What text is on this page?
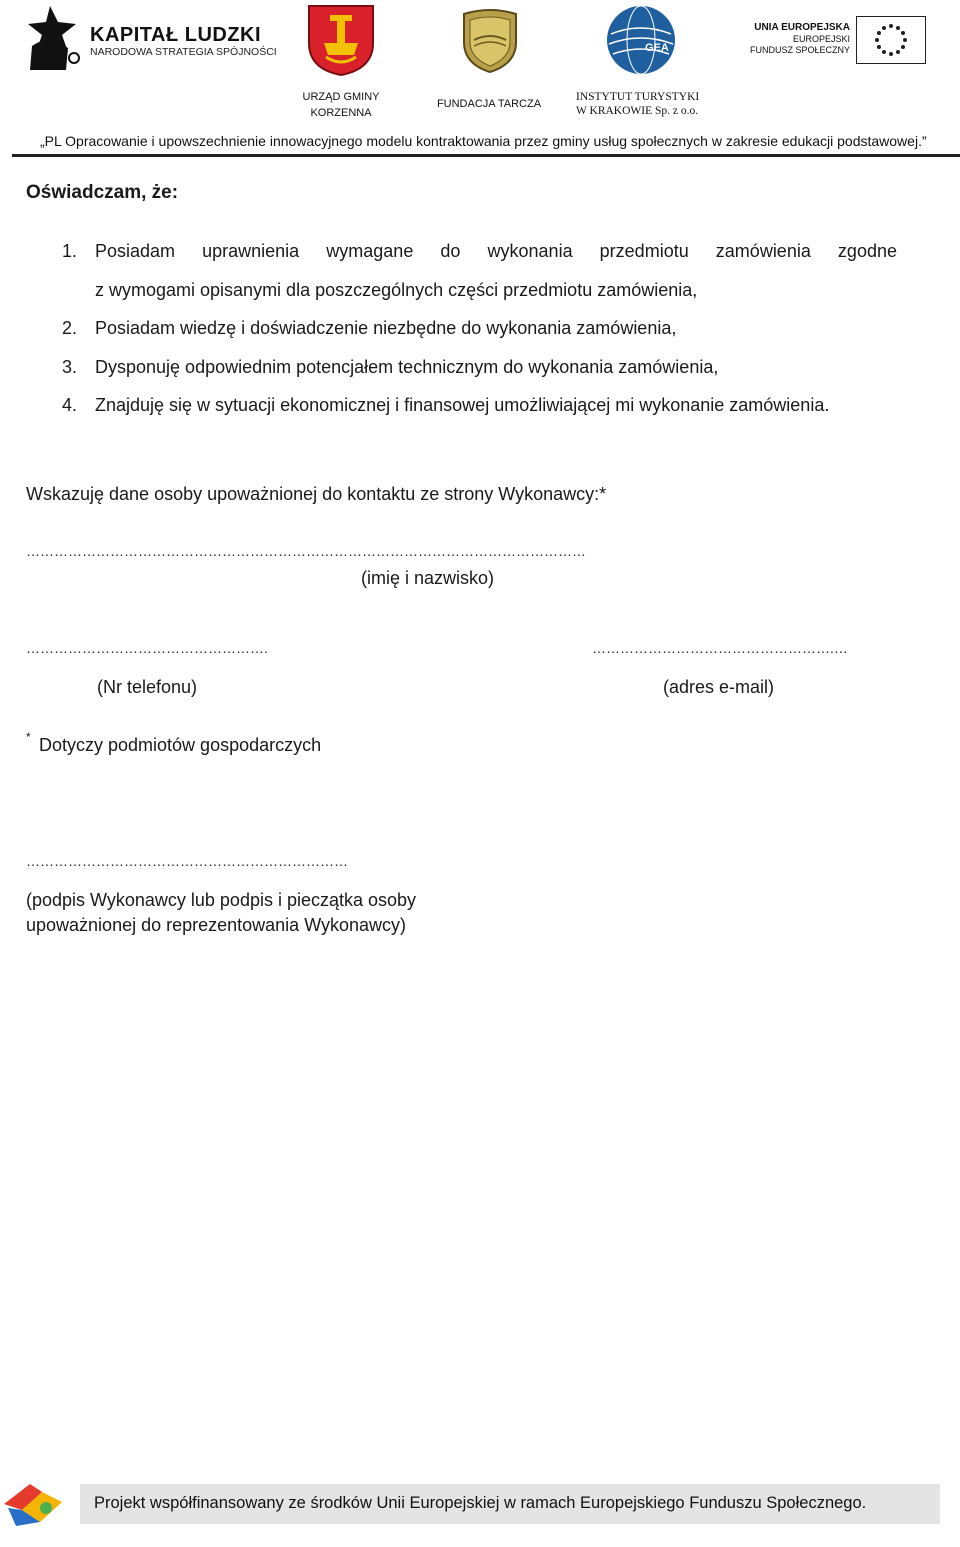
KAPITAŁ LUDZKI
NARODOWA STRATEGIA SPÓJNOŚCI
URZĄD GMINY KORZENNA
FUNDACJA TARCZA
GEA
INSTYTUT TURYSTYKI W KRAKOWIE Sp. z o.o.
UNIA EUROPEJSKA
EUROPEJSKI
FUNDUSZ SPOŁECZNY
„PL Opracowanie i upowszechnienie innowacyjnego modelu kontraktowania przez gminy usług społecznych w zakresie edukacji podstawowej.”
Oświadczam, że:
1. Posiadam uprawnienia wymagane do wykonania przedmiotu zamówienia zgodne
z wymogami opisanymi dla poszczególnych części przedmiotu zamówienia,
2. Posiadam wiedzę i doświadczenie niezbędne do wykonania zamówienia,
3. Dysponuję odpowiednim potencjałem technicznym do wykonania zamówienia,
4. Znajduję się w sytuacji ekonomicznej i finansowej umożliwiającej mi wykonanie zamówienia.
Wskazuję dane osoby upoważnionej do kontaktu ze strony Wykonawcy:*
…………………………………………………………………………………………………………
(imię i nazwisko)
…………………………………………….
(Nr telefonu)
…………………………………………….…
(adres e-mail)
* Dotyczy podmiotów gospodarczych
……………………………………………………………
(podpis Wykonawcy lub podpis i pieczątka osoby
upoważnionej do reprezentowania Wykonawcy)
Projekt współfinansowany ze środków Unii Europejskiej w ramach Europejskiego Funduszu Społecznego.
